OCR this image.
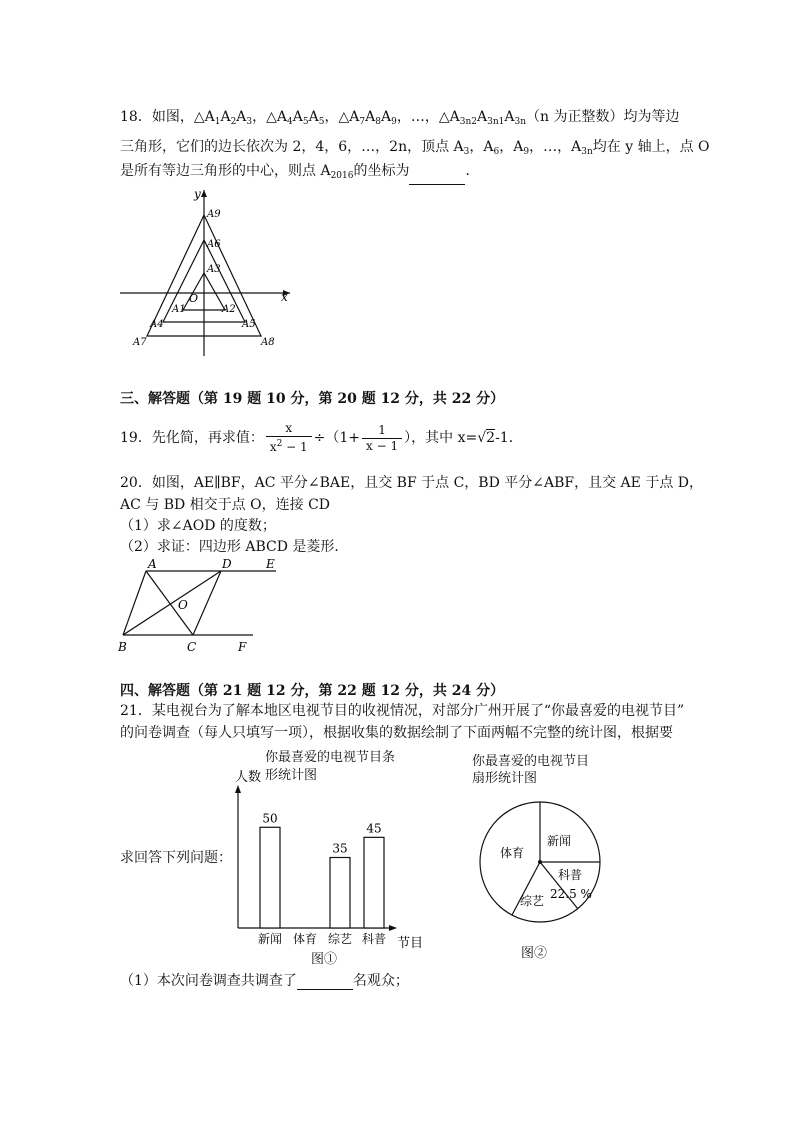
18．如图，$\triangle A_1A_2A_3$，$\triangle A_4A_5A_5$，$\triangle A_7A_8A_9$，…，$\triangle A_{3n2}A_{3n1}A_{3n}(n$ 为正整数）均为等边
三角形，它们的边长依次为 2，4，6，…，2n，顶点 $A_3$，$A_6$，$A_9$，…，$A_{3n}$均在 y 轴上，点 O
是所有等边三角形的中心，则点 $A_{2016}$的坐标为	．
y
x
O
A9
A6
A3
A1	A2
A4	A5
A7	A8
三、解答题（第 19 题 10 分，第 20 题 12 分，共 22 分）
19．先化简，再求值： $\frac{x}{x^2 - 1} \div(1+ \frac{1}{x - 1}$ ），其中 x=√2-1．
20．如图，AE∥BF，AC 平分∠BAE，且交 BF 于点 C，BD 平分∠ABF，且交 AE 于点 D，
AC 与 BD 相交于点 O，连接 CD
（1）求∠AOD 的度数；
（2）求证：四边形 ABCD 是菱形．
A	D	E
O
B	C	F
四、解答题（第 21 题 12 分，第 22 题 12 分，共 24 分）
21．某电视台为了解本地区电视节目的收视情况，对部分广州开展了“你最喜爱的电视节目”
的问卷调查（每人只填写一项），根据收集的数据绘制了下面两幅不完整的统计图，根据要
求回答下列问题：
你最喜爱的电视节目条
形统计图
人数
节目
50
新闻 体育
35
综艺
45
科普
图①
你最喜爱的电视节目
扇形统计图
新闻
科普
22.5 %
综艺
体育
图②
（1）本次问卷调查共调查了	名观众；
